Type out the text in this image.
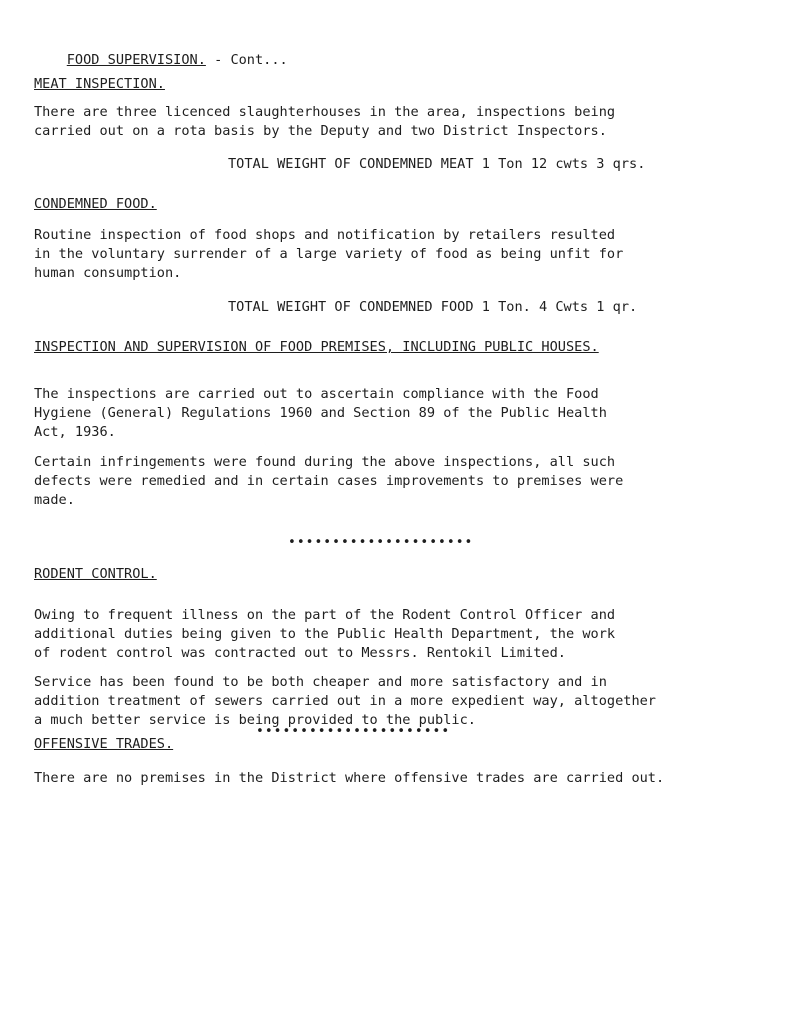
FOOD SUPERVISION. - Cont...

MEAT INSPECTION.
There are three licenced slaughterhouses in the area, inspections being
carried out on a rota basis by the Deputy and two District Inspectors.
TOTAL WEIGHT OF CONDEMNED MEAT 1 Ton 12 cwts 3 qrs.
CONDEMNED FOOD.
Routine inspection of food shops and notification by retailers resulted
in the voluntary surrender of a large variety of food as being unfit for
human consumption.
TOTAL WEIGHT OF CONDEMNED FOOD 1 Ton. 4 Cwts 1 qr.
INSPECTION AND SUPERVISION OF FOOD PREMISES, INCLUDING PUBLIC HOUSES.
The inspections are carried out to ascertain compliance with the Food
Hygiene (General) Regulations 1960 and Section 89 of the Public Health
Act, 1936.
Certain infringements were found during the above inspections, all such
defects were remedied and in certain cases improvements to premises were
made.
•••••••••••••••••••••
RODENT CONTROL.
Owing to frequent illness on the part of the Rodent Control Officer and
additional duties being given to the Public Health Department, the work
of rodent control was contracted out to Messrs. Rentokil Limited.
Service has been found to be both cheaper and more satisfactory and in
addition treatment of sewers carried out in a more expedient way, altogether
a much better service is being provided to the public.
••••••••••••••••••••••
OFFENSIVE TRADES.
There are no premises in the District where offensive trades are carried out.
